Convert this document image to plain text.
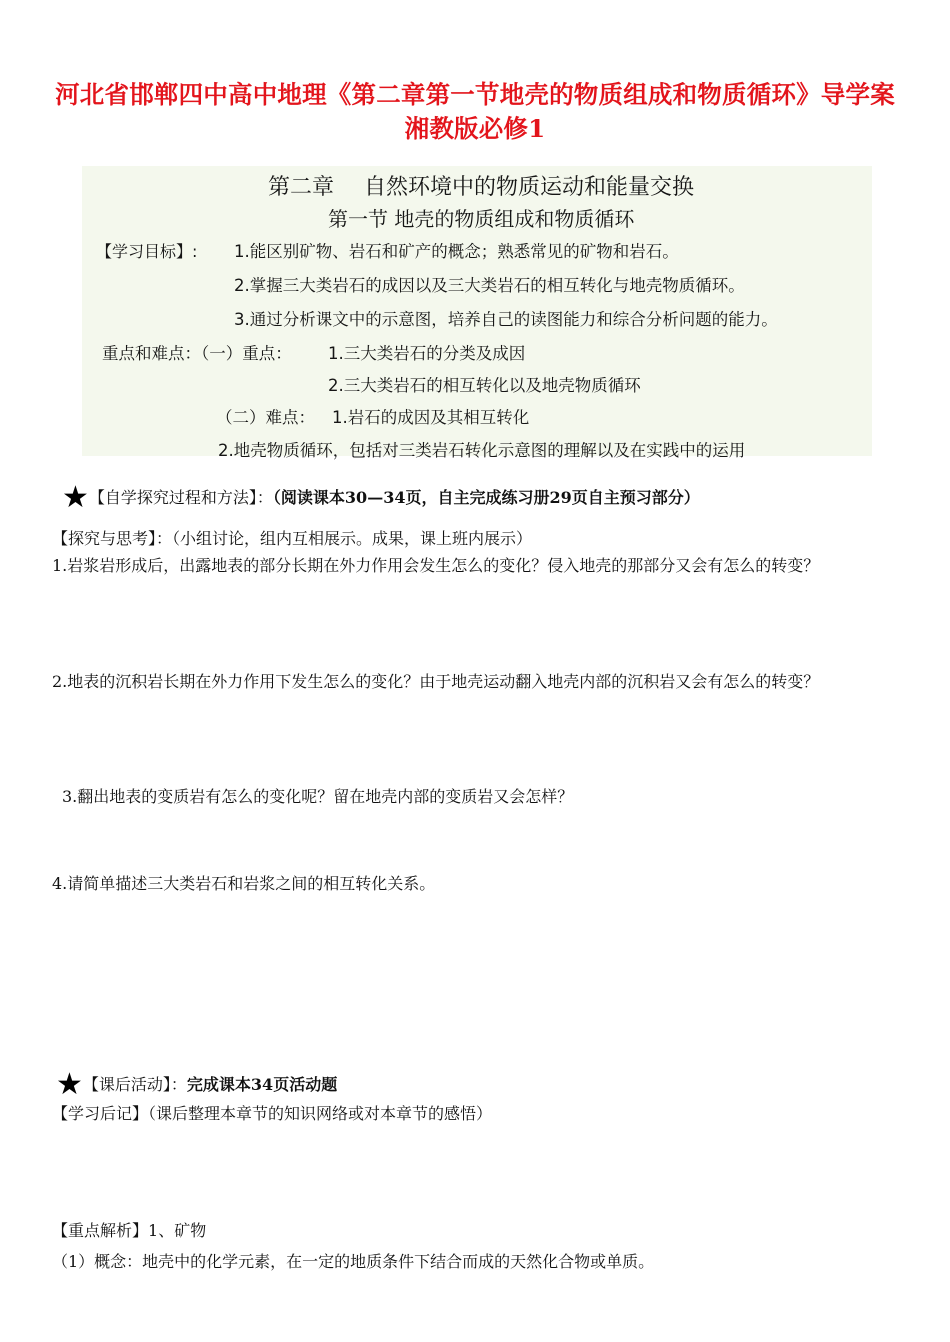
河北省邯郸四中高中地理《第二章第一节地壳的物质组成和物质循环》导学案 湘教版必修1
第二章 自然环境中的物质运动和能量交换
第一节 地壳的物质组成和物质循环
【学习目标】: 1.能区别矿物、岩石和矿产的概念；熟悉常见的矿物和岩石。
2.掌握三大类岩石的成因以及三大类岩石的相互转化与地壳物质循环。
3.通过分析课文中的示意图，培养自己的读图能力和综合分析问题的能力。
重点和难点：（一）重点： 1.三大类岩石的分类及成因
2.三大类岩石的相互转化以及地壳物质循环
（二）难点： 1.岩石的成因及其相互转化
2.地壳物质循环，包括对三类岩石转化示意图的理解以及在实践中的运用
★【自学探究过程和方法】：（阅读课本30—34页，自主完成练习册29页自主预习部分）
【探究与思考】：（小组讨论，组内互相展示。成果，课上班内展示）
1.岩浆岩形成后，出露地表的部分长期在外力作用会发生怎么的变化？侵入地壳的那部分又会有怎么的转变？
2.地表的沉积岩长期在外力作用下发生怎么的变化？由于地壳运动翻入地壳内部的沉积岩又会有怎么的转变？
3.翻出地表的变质岩有怎么的变化呢？留在地壳内部的变质岩又会怎样？
4.请简单描述三大类岩石和岩浆之间的相互转化关系。
★【课后活动】：完成课本34页活动题
【学习后记】（课后整理本章节的知识网络或对本章节的感悟）
【重点解析】1、矿物
（1）概念：地壳中的化学元素，在一定的地质条件下结合而成的天然化合物或单质。
